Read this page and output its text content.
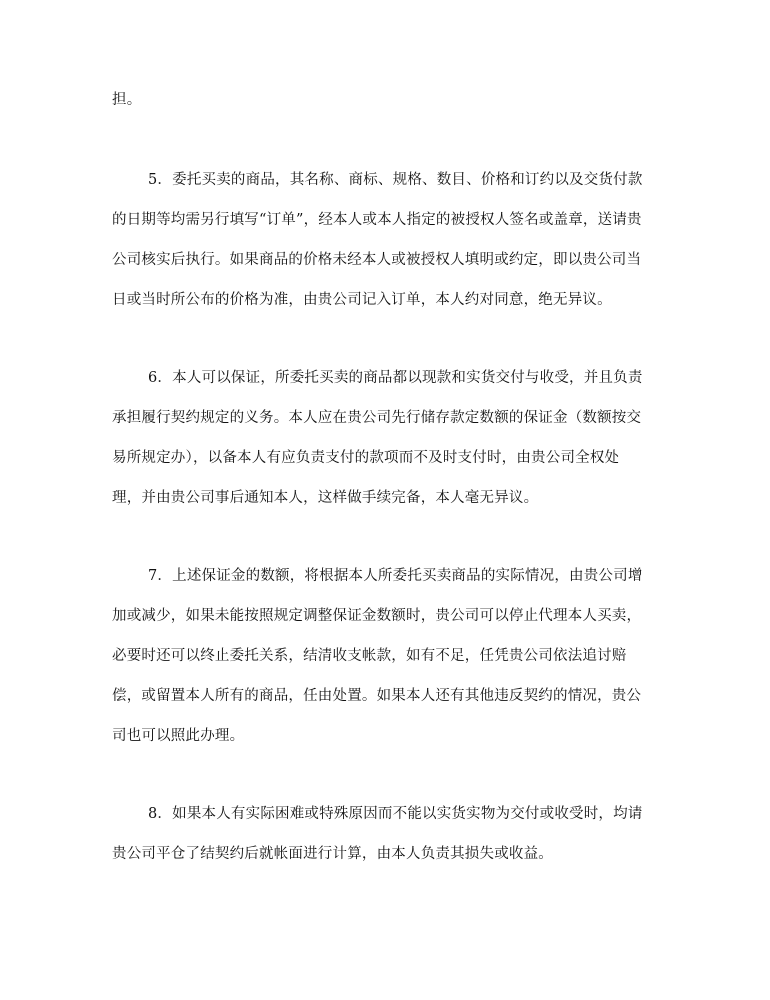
担。
5．委托买卖的商品，其名称、商标、规格、数目、价格和订约以及交货付款
的日期等均需另行填写“订单”，经本人或本人指定的被授权人签名或盖章，送请贵
公司核实后执行。如果商品的价格未经本人或被授权人填明或约定，即以贵公司当
日或当时所公布的价格为准，由贵公司记入订单，本人约对同意，绝无异议。
6．本人可以保证，所委托买卖的商品都以现款和实货交付与收受，并且负责
承担履行契约规定的义务。本人应在贵公司先行储存款定数额的保证金（数额按交
易所规定办），以备本人有应负责支付的款项而不及时支付时，由贵公司全权处
理，并由贵公司事后通知本人，这样做手续完备，本人毫无异议。
7．上述保证金的数额，将根据本人所委托买卖商品的实际情况，由贵公司增
加或减少，如果未能按照规定调整保证金数额时，贵公司可以停止代理本人买卖，
必要时还可以终止委托关系，结清收支帐款，如有不足，任凭贵公司依法追讨赔
偿，或留置本人所有的商品，任由处置。如果本人还有其他违反契约的情况，贵公
司也可以照此办理。
8．如果本人有实际困难或特殊原因而不能以实货实物为交付或收受时，均请
贵公司平仓了结契约后就帐面进行计算，由本人负责其损失或收益。
